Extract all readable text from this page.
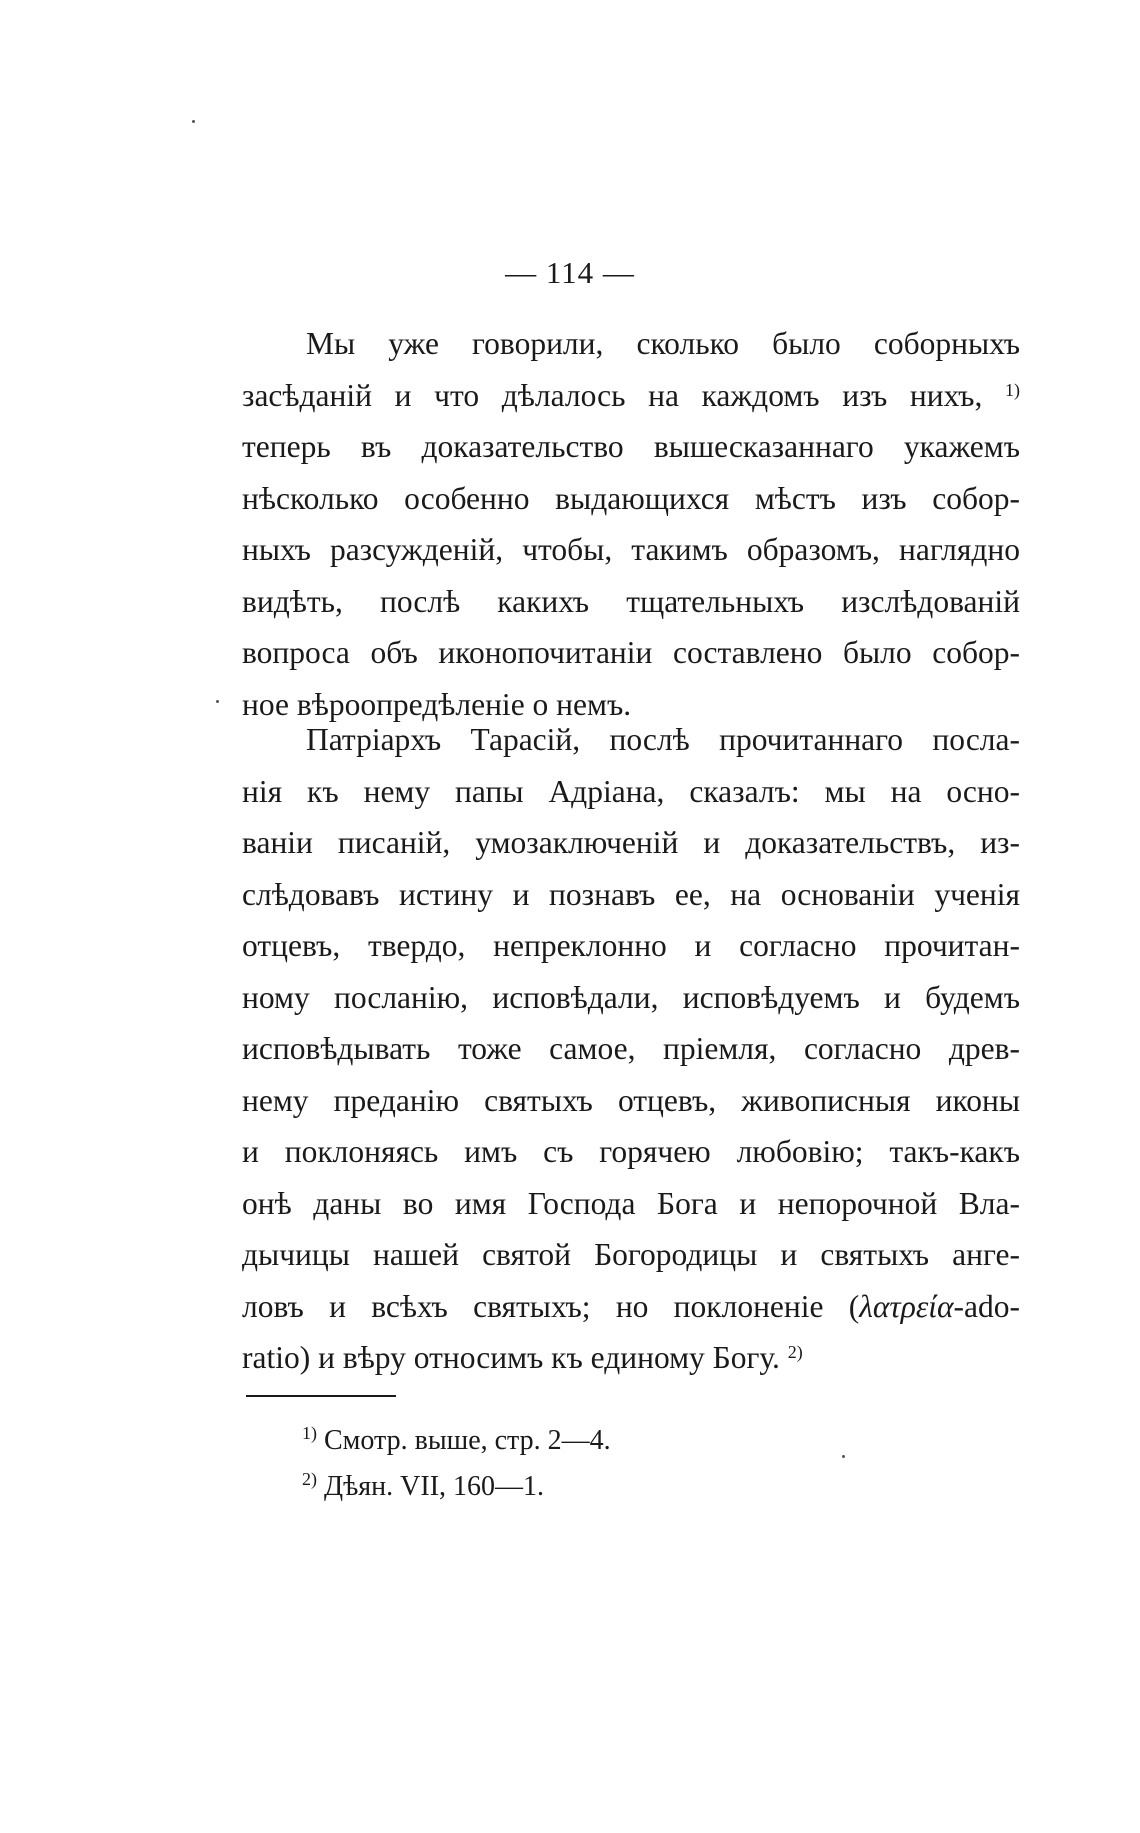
— 114 —
Мы уже говорили, сколько было соборныхъ
засѣданій и что дѣлалось на каждомъ изъ нихъ, $^{1)}$
теперь въ доказательство вышесказаннаго укажемъ
нѣсколько особенно выдающихся мѣстъ изъ собор-
ныхъ разсужденій, чтобы, такимъ образомъ, наглядно
видѣть, послѣ какихъ тщательныхъ изслѣдованій
вопроса объ иконопочитаніи составлено было собор-
ное вѣроопредѣленіе о немъ.
Патріархъ Тарасій, послѣ прочитаннаго посла-
нія къ нему папы Адріана, сказалъ: мы на осно-
ваніи писаній, умозаключеній и доказательствъ, из-
слѣдовавъ истину и познавъ ее, на основаніи ученія
отцевъ, твердо, непреклонно и согласно прочитан-
ному посланію, исповѣдали, исповѣдуемъ и будемъ
исповѣдывать тоже самое, пріемля, согласно древ-
нему преданію святыхъ отцевъ, живописныя иконы
и поклоняясь имъ съ горячею любовію; такъ-какъ
онѣ даны во имя Господа Бога и непорочной Вла-
дычицы нашей святой Богородицы и святыхъ анге-
ловъ и всѣхъ святыхъ; но поклоненіе (λατρεία-ado-
ratio) и вѣру относимъ къ единому Богу. $^{2)}$
$^{1)}$ Смотр. выше, стр. 2—4.
$^{2)}$ Дѣян. VII, 160—1.
